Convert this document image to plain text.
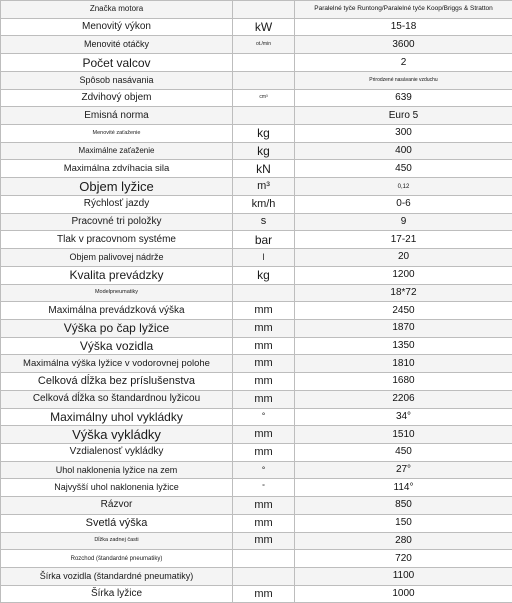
Značka motora		Paralelné tyče Runtong/Paralelné tyče Koop/Briggs & Stratton
Menovitý výkon	kW	15-18
Menovité otáčky	ot./min	3600
Počet valcov		2
Spôsob nasávania		Prirodzené nasávanie vzduchu
Zdvihový objem	cm³	639
Emisná norma		Euro 5
Menovité zaťaženie	kg	300
Maximálne zaťaženie	kg	400
Maximálna zdvíhacia sila	kN	450
Objem lyžice	m³	0,12
Rýchlosť jazdy	km/h	0-6
Pracovné tri položky	s	9
Tlak v pracovnom systéme	bar	17-21
Objem palivovej nádrže	l	20
Kvalita prevádzky	kg	1200
Modelpneumatiky		18*72
Maximálna prevádzková výška	mm	2450
Výška po čap lyžice	mm	1870
Výška vozidla	mm	1350
Maximálna výška lyžice v vodorovnej polohe	mm	1810
Celková dĺžka bez príslušenstva	mm	1680
Celková dĺžka so štandardnou lyžicou	mm	2206
Maximálny uhol vykládky	°	34°
Výška vykládky	mm	1510
Vzdialenosť vykládky	mm	450
Uhol naklonenia lyžice na zem	°	27°
Najvyšší uhol naklonenia lyžice	°	114°
Rázvor	mm	850
Svetlá výška	mm	150
Dĺžka zadnej časti	mm	280
Rozchod (štandardné pneumatiky)		720
Šírka vozidla (štandardné pneumatiky)		1100
Šírka lyžice	mm	1000
